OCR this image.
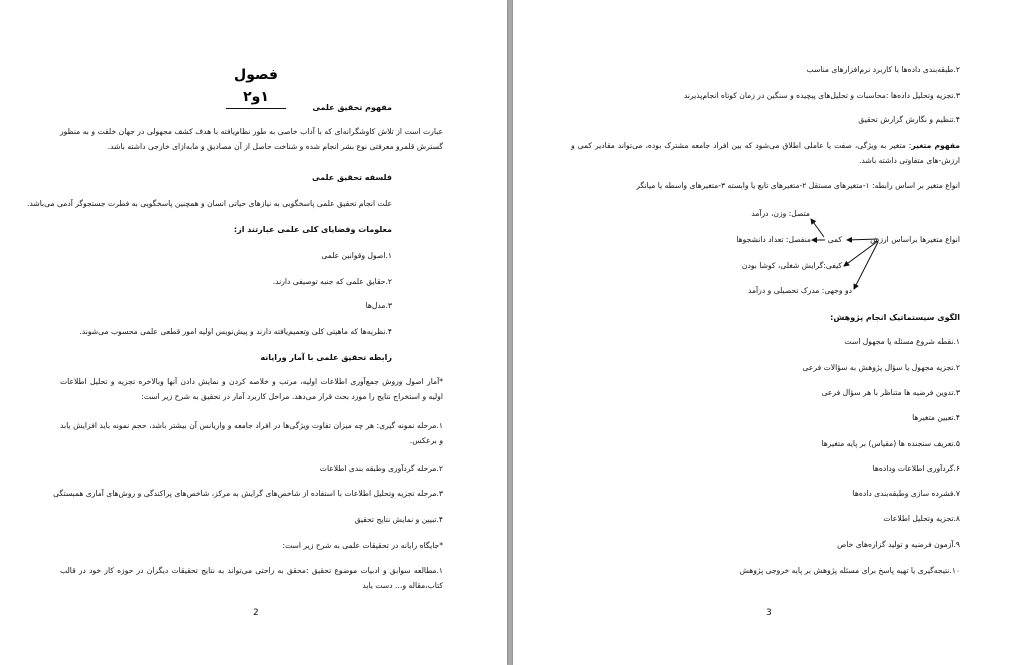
فصول ۱و۲
مفهوم تحقیق علمی
عبارت است از تلاش کاوشگرانه‌ای که با آداب خاصی به طور نظام‌یافته با هدف کشف مجهولی در جهان خلقت و به منظور گسترش قلمرو معرفتی نوع بشر انجام شده و شناخت حاصل از آن مصادیق و مابه‌ازای خارجی داشته باشد.
فلسفه تحقیق علمی
علت انجام تحقیق علمی پاسخگویی به نیازهای حیاتی انسان و همچنین پاسخگویی به فطرت جستجوگر آدمی می‌باشد.
معلومات وفضایای کلی علمی عبارتند از:
۱.اصول وقوانین علمی
۲.حقایق علمی که جنبه توصیفی دارند.
۳.مدل‌ها
۴.نظریه‌ها که ماهیتی کلی وتعمیم‌یافته دارند و پیش‌نویس اولیه امور قطعی علمی محسوب می‌شوند.
رابطه تحقیق علمی با آمار ورایانه
*آمار اصول وروش جمع‌آوری اطلاعات اولیه، مرتب و خلاصه کردن و نمایش دادن آنها وبالاخره تجزیه و تحلیل اطلاعات اولیه و استخراج نتایج را مورد بحث قرار می‌دهد. مراحل کاربرد آمار در تحقیق به شرح زیر است:
۱.مرحله نمونه گیری: هر چه میزان تفاوت ویژگی‌ها در افراد جامعه و واریانس آن بیشتر باشد، حجم نمونه باید افزایش یابد و برعکس.
۲.مرحله گردآوری وطبقه بندی اطلاعات
۳.مرحله تجزیه وتحلیل اطلاعات با استفاده از شاخص‌های گرایش به مرکز، شاخص‌های پراکندگی و روش‌های آماری همبستگی
۴.تبیین و نمایش نتایج تحقیق
*جایگاه رایانه در تحقیقات علمی به شرح زیر است:
۱.مطالعه سوابق و ادبیات موضوع تحقیق :محقق به راحتی می‌تواند به نتایج تحقیقات دیگران در حوزه کار خود در قالب کتاب،مقاله و… دست یابد
2
۲.طبقه‌بندی داده‌ها با کاربرد نرم‌افزارهای مناسب
۳.تجزیه وتحلیل داده‌ها :محاسبات و تحلیل‌های پیچیده و سنگین در زمان کوتاه انجام‌پذیرند
۴.تنظیم و نگارش گزارش تحقیق
مفهوم متغیر: متغیر به ویژگی، صفت یا عاملی اطلاق می‌شود که بین افراد جامعه مشترک بوده، می‌تواند مقادیر کمی و ارزش-های متفاوتی داشته باشد.
انواع متغیر بر اساس رابطه: ۱-متغیرهای مستقل ۲-متغیرهای تابع یا وابسته ۳-متغیرهای واسطه یا میانگر
انواع متغیرها براساس ارزش
کمی
متصل: وزن، درآمد
منفصل: تعداد دانشجوها
کیفی:گرایش شغلی، کوشا بودن
دو وجهی: مدرک تحصیلی و درآمد
الگوی سیستماتیک انجام پژوهش:
۱.نقطه شروع مسئله یا مجهول است
۲.تجزیه مجهول یا سؤال پژوهش به سؤالات فرعی
۳.تدوین فرضیه ها متناظر با هر سؤال فرعی
۴.تعیین متغیرها
۵.تعریف سنجنده ها (مقیاس) بر پایه متغیرها
۶.گردآوری اطلاعات وداده‌ها
۷.فشرده سازی وطبقه‌بندی داده‌ها
۸.تجزیه وتحلیل اطلاعات
۹.آزمون فرضیه و تولید گزاره‌های خاص
۱۰.نتیجه‌گیری یا تهیه پاسخ برای مسئله پژوهش بر پایه خروجی پژوهش
3
